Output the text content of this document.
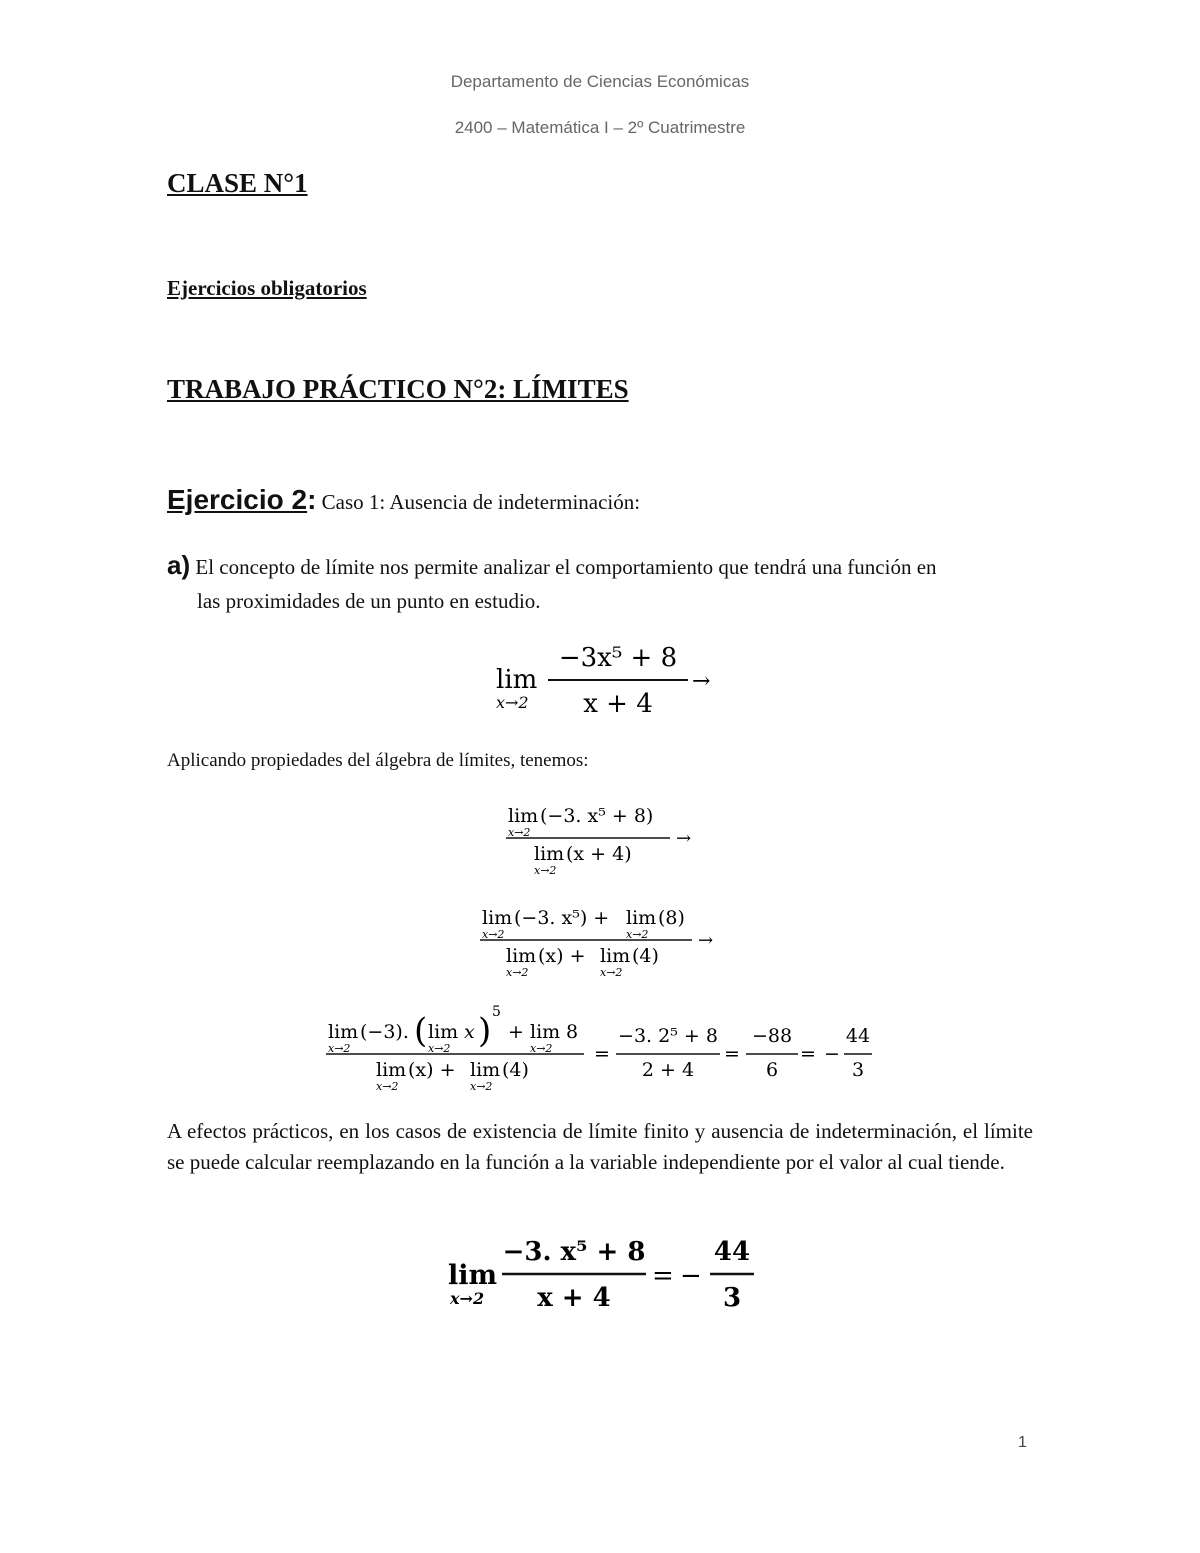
Departamento de Ciencias Económicas
2400 – Matemática I – 2º Cuatrimestre
CLASE N°1
Ejercicios obligatorios
TRABAJO PRÁCTICO N°2: LÍMITES
Ejercicio 2: Caso 1: Ausencia de indeterminación:
a) El concepto de límite nos permite analizar el comportamiento que tendrá una función en
las proximidades de un punto en estudio.
lim
x→2
−3x⁵ + 8
x + 4
→
Aplicando propiedades del álgebra de límites, tenemos:
lim
x→2
(−3. x⁵ + 8)
lim
x→2
(x + 4)
→
lim
x→2
(−3. x⁵) + lim
x→2
(8)
lim
x→2
(x) + lim
x→2
(4)
→
lim
x→2
(−3). ( lim
x→2
x ) 5
+ lim
x→2
8
lim
x→2
(x) + lim
x→2
(4)
=
−3. 2⁵ + 8
2 + 4
=
−88
6
= −
44
3
A efectos prácticos, en los casos de existencia de límite finito y ausencia de indeterminación, el límite se puede calcular reemplazando en la función a la variable independiente por el valor al cual tiende.
lim
x→2
−3. x⁵ + 8
x + 4
= −
44
3
1
